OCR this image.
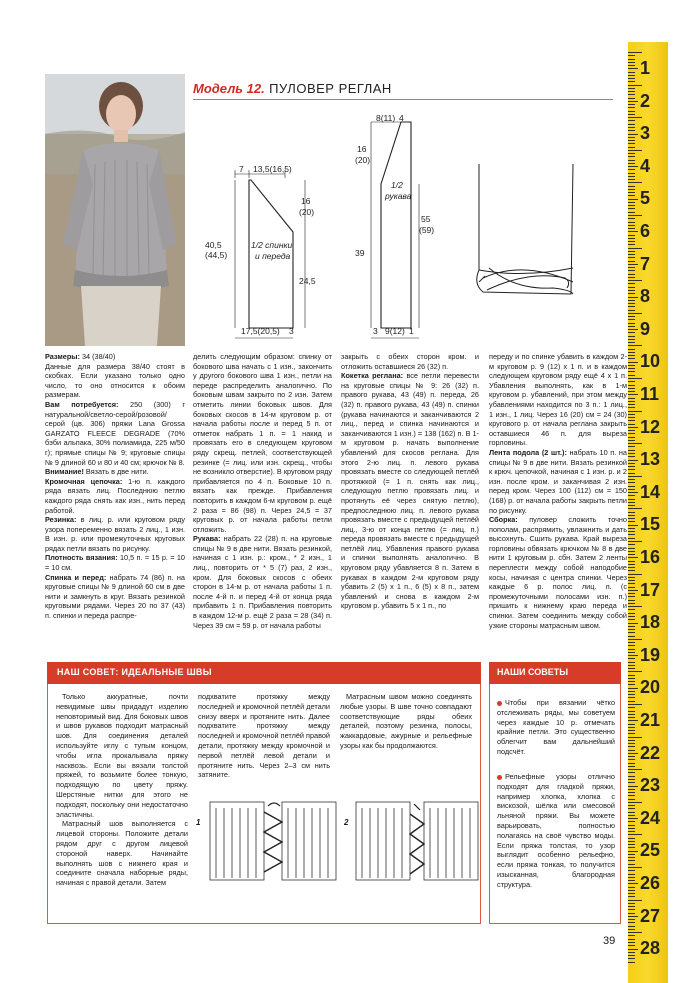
Модель 12. ПУЛОВЕР РЕГЛАН
7 13,5(16,5)
40,5
(44,5)
16
(20)
24,5
1/2 спинки
и переда
17,5(20,5) 3
8(11) 4
16
(20)
39
1/2
рукава
55
(59)
3 9(12) 1

Размеры: 34 (38/40)

Данные для размера 38/40 стоят в скобках. Если указано только одно число, то оно относится к обоим размерам.

Вам потребуется: 250 (300) г натуральной/светло-серой/розовой/серой (цв. 306) пряжи Lana Grossa GARZATO FLEECE DEGRADE (70% бэби альпака, 30% полиамида, 225 м/50 г); прямые спицы № 9; круговые спицы № 9 длиной 60 и 80 и 40 см; крючок № 8.

Внимание! Вязать в две нити.

Кромочная цепочка: 1-ю п. каждого ряда вязать лиц. Последнюю петлю каждого ряда снять как изн., нить перед работой.

Резинка: в лиц. р. или круговом ряду узора попеременно вязать 2 лиц., 1 изн. В изн. р. или промежуточных круговых рядах петли вязать по рисунку.

Плотность вязания: 10,5 п. = 15 р. = 10 = 10 см.

Спинка и перед: набрать 74 (86) п. на круговые спицы № 9 длиной 60 см в две нити и замкнуть в круг. Вязать резинкой круговыми рядами. Через 20 по 37 (43) п. спинки и переда распре-

делить следующим образом: спинку от бокового шва начать с 1 изн., закончить у другого бокового шва 1 изн., петли на переде распределить аналогично. По боковым швам закрыто по 2 изн. Затем отметить линии боковых швов. Для боковых скосов в 14-м круговом р. от начала работы после и перед 5 п. от отметок набрать 1 п. = 1 накид и провязать его в следующем круговом ряду скрещ. петлей, соответствующей резинке (= лиц. или изн. скрещ., чтобы не возникло отверстие). В круговом ряду прибавляется по 4 п. Боковые 10 п. вязать как прежде. Прибавления повторить в каждом 6-м круговом р. ещё 2 раза = 86 (98) п. Через 24,5 = 37 круговых р. от начала работы петли отложить.

Рукава: набрать 22 (28) п. на круговые спицы № 9 в две нити. Вязать резинкой, начиная с 1 изн. р.: кром., * 2 изн., 1 лиц., повторить от * 5 (7) раз, 2 изн., кром. Для боковых скосов с обеих сторон в 14-м р. от начала работы 1 п. после 4-й п. и перед 4-й от конца ряда прибавить 1 п. Прибавления повторить в каждом 12-м р. ещё 2 раза = 28 (34) п. Через 39 см = 59 р. от начала работы

закрыть с обеих сторон кром. и отложить оставшиеся 26 (32) п.

Кокетка реглана: все петли перевести на круговые спицы № 9: 26 (32) п. правого рукава, 43 (49) п. переда, 26 (32) п. правого рукава, 43 (49) п. спинки (рукава начинаются и заканчиваются 2 лиц., перед и спинка начинаются и заканчиваются 1 изн.) = 138 (162) п. В 1-м круговом р. начать выполнение убавлений для скосов реглана. Для этого 2-ю лиц. п. левого рукава провязать вместе со следующей петлёй протяжкой (= 1 п. снять как лиц., следующую петлю провязать лиц. и протянуть её через снятую петлю), предпоследнюю лиц. п. левого рукава провязать вместе с предыдущей петлёй лиц., 3-ю от конца петлю (= лиц. п.) переда провязать вместе с предыдущей петлёй лиц. Убавления правого рукава и спинки выполнять аналогично. В круговом ряду убавляется 8 п. Затем в рукавах в каждом 2-м круговом ряду убавить 2 (5) х 1 п., 6 (5) х 8 п., затем убавлений и снова в каждом 2-м круговом р. убавить 5 х 1 п., по

переду и по спинке убавить в каждом 2-м круговом р. 9 (12) х 1 п. и в каждом следующем круговом ряду ещё 4 х 1 п. Убавления выполнять, как в 1-м круговом р. убавлений, при этом между убавлениями находится по 3 п.: 1 лиц., 1 изн., 1 лиц. Через 16 (20) см = 24 (30) кругового р. от начала реглана закрыть оставшиеся 46 п. для выреза горловины.

Лента подола (2 шт.): набрать 10 п. на спицы № 9 в две нити. Вязать резинкой к крюч. цепочкой, начиная с 1 изн. р. и 2 изн. после кром. и заканчивая 2 изн. перед кром. Через 100 (112) см = 150 (168) р. от начала работы закрыть петли по рисунку.

Сборка: пуловер сложить точно пополам, распрямить, увлажнить и дать высохнуть. Сшить рукава. Край выреза горловины обвязать крючком № 8 в две нити 1 круговым р. сбн. Затем 2 ленты переплести между собой наподобие косы, начиная с центра спинки. Через каждые 6 р. полос лиц. п. (с промежуточными полосами изн. п.) пришить к нижнему краю переда и спинки. Затем соединить между собой узкие стороны матрасным швом.

НАШ СОВЕТ: ИДЕАЛЬНЫЕ ШВЫ

Только аккуратные, почти невидимые швы придадут изделию неповторимый вид. Для боковых швов и швов рукавов подходит матрасный шов. Для соединения деталей используйте иглу с тупым концом, чтобы игла прокалывала пряжу насквозь. Если вы вязали толстой пряжей, то возьмите более тонкую, подходящую по цвету пряжу. Шерстяные нитки для этого не подходят, поскольку они недостаточно эластичны.

Матрасный шов выполняется с лицевой стороны. Положите детали рядом друг с другом лицевой стороной наверх. Начинайте выполнять шов с нижнего края и соедините сначала наборные ряды, начиная с правой детали. Затем

подхватите протяжку между последней и кромочной петлёй детали снизу вверх и протяните нить. Далее подхватите протяжку между последней и кромочной петлёй правой детали, протяжку между кромочной и первой петлёй левой детали и протяните нить. Через 2–3 см нить затяните.

Матрасным швом можно соединять любые узоры. В шве точно совпадают соответствующие ряды обеих деталей, поэтому резинка, полосы, жаккардовые, ажурные и рельефные узоры как бы продолжаются.

1	2
НАШИ СОВЕТЫ
Чтобы при вязании чётко отслеживать ряды, мы советуем через каждые 10 р. отмечать крайние петли. Это существенно облегчит вам дальнейший подсчёт.
Рельефные узоры отлично подходят для гладкой пряжи, например хлопка, хлопка с вискозой, шёлка или смесовой льняной пряжи. Вы можете варьировать, полностью полагаясь на своё чувство моды. Если пряжа толстая, то узор выглядит особенно рельефно, если пряжа тонкая, то получится изысканная, благородная структура.
39
1
2
3
4
5
6
7
8
9
10
11
12
13
14
15
16
17
18
19
20
21
22
23
24
25
26
27
28
